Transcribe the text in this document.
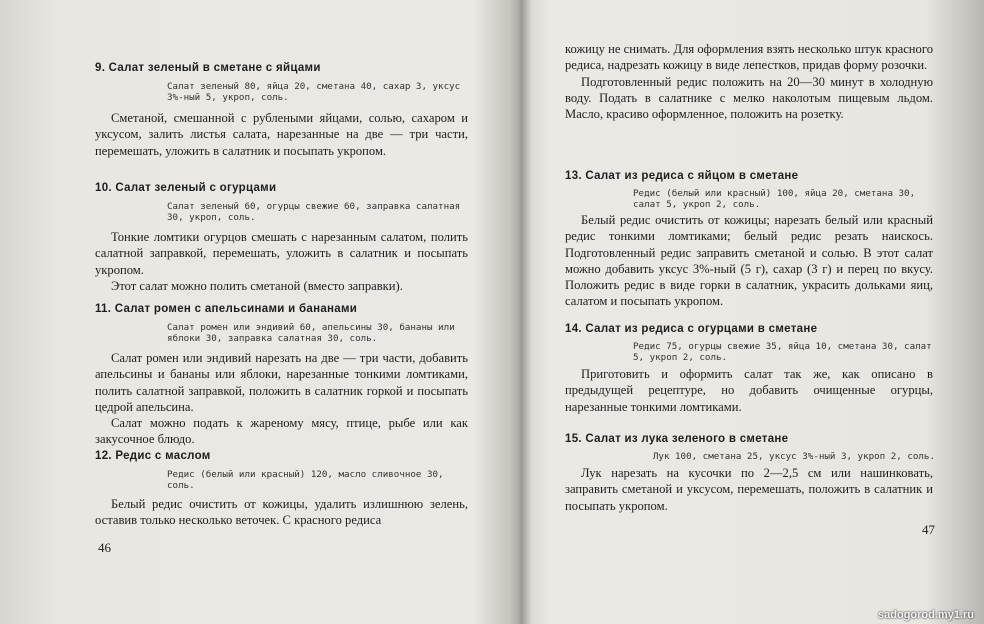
9. Салат зеленый в сметане с яйцами
Салат зеленый 80, яйца 20, сметана 40, сахар 3, уксус 3%-ный 5, укроп, соль.

Сметаной, смешанной с рублеными яйцами, солью, сахаром и уксусом, залить листья салата, нарезанные на две — три части, перемешать, уложить в салатник и посыпать укропом.

10. Салат зеленый с огурцами
Салат зеленый 60, огурцы свежие 60, заправка салатная 30, укроп, соль.

Тонкие ломтики огурцов смешать с нарезанным салатом, полить салатной заправкой, перемешать, уложить в салатник и посыпать укропом.

Этот салат можно полить сметаной (вместо заправки).

11. Салат ромен с апельсинами и бананами
Салат ромен или эндивий 60, апельсины 30, бананы или яблоки 30, заправка салатная 30, соль.

Салат ромен или эндивий нарезать на две — три части, добавить апельсины и бананы или яблоки, нарезанные тонкими ломтиками, полить салатной заправкой, положить в салатник горкой и посыпать цедрой апельсина.

Салат можно подать к жареному мясу, птице, рыбе или как закусочное блюдо.

12. Редис с маслом
Редис (белый или красный) 120, масло сливочное 30, соль.

Белый редис очистить от кожицы, удалить излишнюю зелень, оставив только несколько веточек. С красного редиса

46

кожицу не снимать. Для оформления взять несколько штук красного редиса, надрезать кожицу в виде лепестков, придав форму розочки.

Подготовленный редис положить на 20—30 минут в холодную воду. Подать в салатнике с мелко наколотым пищевым льдом. Масло, красиво оформленное, положить на розетку.

13. Салат из редиса с яйцом в сметане
Редис (белый или красный) 100, яйца 20, сметана 30, салат 5, укроп 2, соль.

Белый редис очистить от кожицы; нарезать белый или красный редис тонкими ломтиками; белый редис резать наискось. Подготовленный редис заправить сметаной и солью. В этот салат можно добавить уксус 3%-ный (5 г), сахар (3 г) и перец по вкусу. Положить редис в виде горки в салатник, украсить дольками яиц, салатом и посыпать укропом.

14. Салат из редиса с огурцами в сметане
Редис 75, огурцы свежие 35, яйца 10, сметана 30, салат 5, укроп 2, соль.

Приготовить и оформить салат так же, как описано в предыдущей рецептуре, но добавить очищенные огурцы, нарезанные тонкими ломтиками.

15. Салат из лука зеленого в сметане
Лук 100, сметана 25, уксус 3%-ный 3, укроп 2, соль.

Лук нарезать на кусочки по 2—2,5 см или нашинковать, заправить сметаной и уксусом, перемешать, положить в салатник и посыпать укропом.

47
sadogorod.my1.ru
